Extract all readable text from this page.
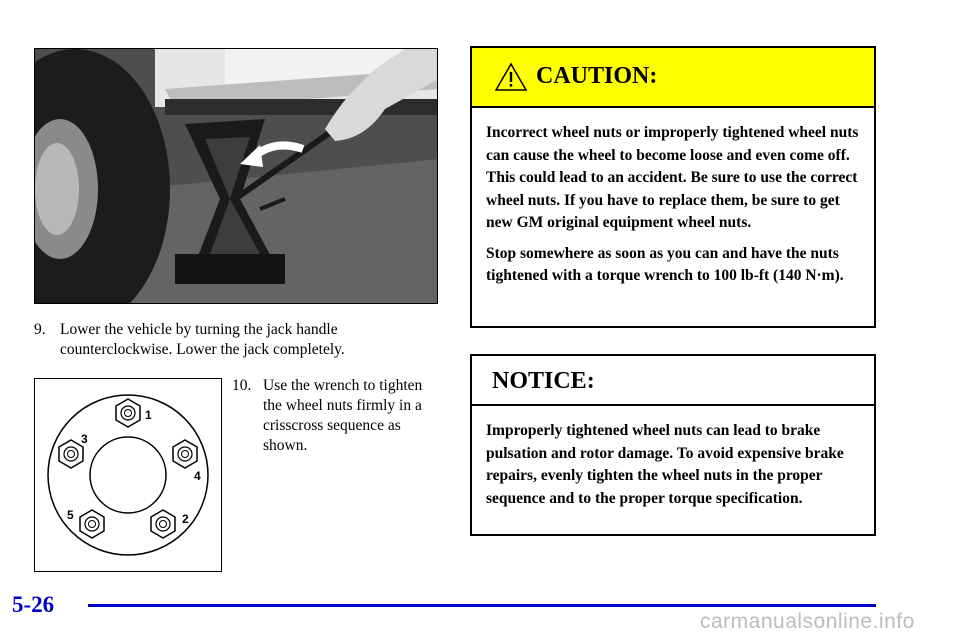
9. Lower the vehicle by turning the jack handle counterclockwise. Lower the jack completely.
1
2
3
4
5
10. Use the wrench to tighten the wheel nuts firmly in a crisscross sequence as shown.
CAUTION:

Incorrect wheel nuts or improperly tightened wheel nuts can cause the wheel to become loose and even come off. This could lead to an accident. Be sure to use the correct wheel nuts. If you have to replace them, be sure to get new GM original equipment wheel nuts.

Stop somewhere as soon as you can and have the nuts tightened with a torque wrench to 100 lb-ft (140 N·m).

NOTICE:

Improperly tightened wheel nuts can lead to brake pulsation and rotor damage. To avoid expensive brake repairs, evenly tighten the wheel nuts in the proper sequence and to the proper torque specification.

5-26
carmanualsonline.info
